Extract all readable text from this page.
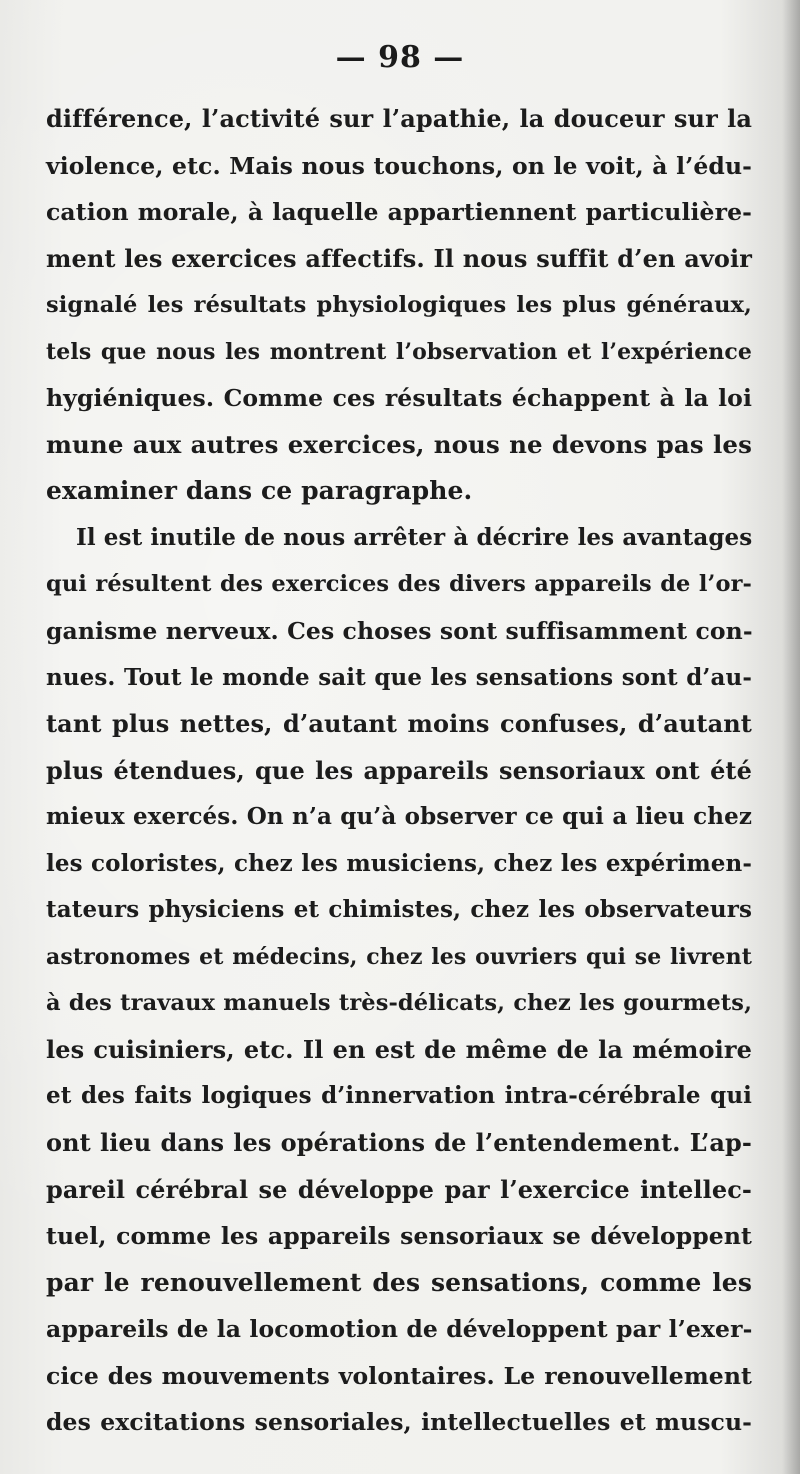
— 98 —
différence, l’activité sur l’apathie, la douceur sur la
violence, etc. Mais nous touchons, on le voit, à l’édu-
cation morale, à laquelle appartiennent particulière-
ment les exercices affectifs. Il nous suffit d’en avoir
signalé les résultats physiologiques les plus généraux,
tels que nous les montrent l’observation et l’expérience
hygiéniques. Comme ces résultats échappent à la loi
mune aux autres exercices, nous ne devons pas les
examiner dans ce paragraphe.
Il est inutile de nous arrêter à décrire les avantages
qui résultent des exercices des divers appareils de l’or-
ganisme nerveux. Ces choses sont suffisamment con-
nues. Tout le monde sait que les sensations sont d’au-
tant plus nettes, d’autant moins confuses, d’autant
plus étendues, que les appareils sensoriaux ont été
mieux exercés. On n’a qu’à observer ce qui a lieu chez
les coloristes, chez les musiciens, chez les expérimen-
tateurs physiciens et chimistes, chez les observateurs
astronomes et médecins, chez les ouvriers qui se livrent
à des travaux manuels très-délicats, chez les gourmets,
les cuisiniers, etc. Il en est de même de la mémoire
et des faits logiques d’innervation intra-cérébrale qui
ont lieu dans les opérations de l’entendement. L’ap-
pareil cérébral se développe par l’exercice intellec-
tuel, comme les appareils sensoriaux se développent
par le renouvellement des sensations, comme les
appareils de la locomotion de développent par l’exer-
cice des mouvements volontaires. Le renouvellement
des excitations sensoriales, intellectuelles et muscu-
